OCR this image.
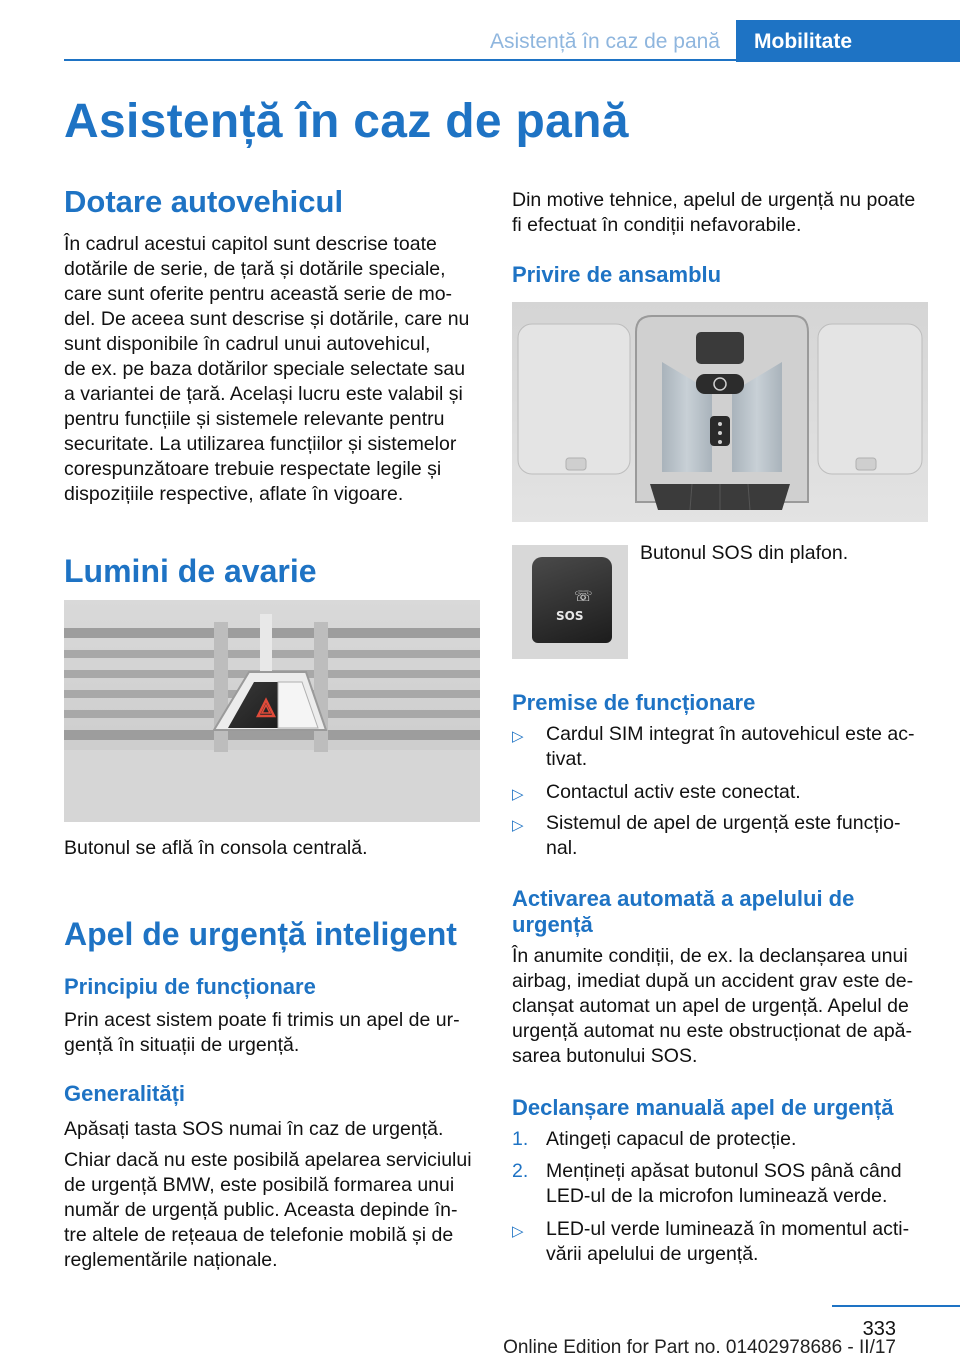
Asistență în caz de pană	Mobilitate
Asistență în caz de pană
Dotare autovehicul
În cadrul acestui capitol sunt descrise toate
dotările de serie, de țară și dotările speciale,
care sunt oferite pentru această serie de mo-
del. De aceea sunt descrise și dotările, care nu
sunt disponibile în cadrul unui autovehicul,
de ex. pe baza dotărilor speciale selectate sau
a variantei de țară. Același lucru este valabil și
pentru funcțiile și sistemele relevante pentru
securitate. La utilizarea funcțiilor și sistemelor
corespunzătoare trebuie respectate legile și
dispozițiile respective, aflate în vigoare.
Lumini de avarie
Butonul se află în consola centrală.
Apel de urgență inteligent
Principiu de funcționare
Prin acest sistem poate fi trimis un apel de ur-
gență în situații de urgență.
Generalități
Apăsați tasta SOS numai în caz de urgență.
Chiar dacă nu este posibilă apelarea serviciului
de urgență BMW, este posibilă formarea unui
număr de urgență public. Aceasta depinde în-
tre altele de rețeaua de telefonie mobilă și de
reglementările naționale.
Din motive tehnice, apelul de urgență nu poate
fi efectuat în condiții nefavorabile.
Privire de ansamblu
SOS
☏
Butonul SOS din plafon.
Premise de funcționare
▷ Cardul SIM integrat în autovehicul este ac-
tivat.
▷ Contactul activ este conectat.
▷ Sistemul de apel de urgență este funcțio-
nal.
Activarea automată a apelului de
urgență
În anumite condiții, de ex. la declanșarea unui
airbag, imediat după un accident grav este de-
clanșat automat un apel de urgență. Apelul de
urgență automat nu este obstrucționat de apă-
sarea butonului SOS.
Declanșare manuală apel de urgență
1. Atingeți capacul de protecție.
2. Mențineți apăsat butonul SOS până când
LED-ul de la microfon luminează verde.
▷ LED-ul verde luminează în momentul acti-
vării apelului de urgență.
333
Online Edition for Part no. 01402978686 - II/17
